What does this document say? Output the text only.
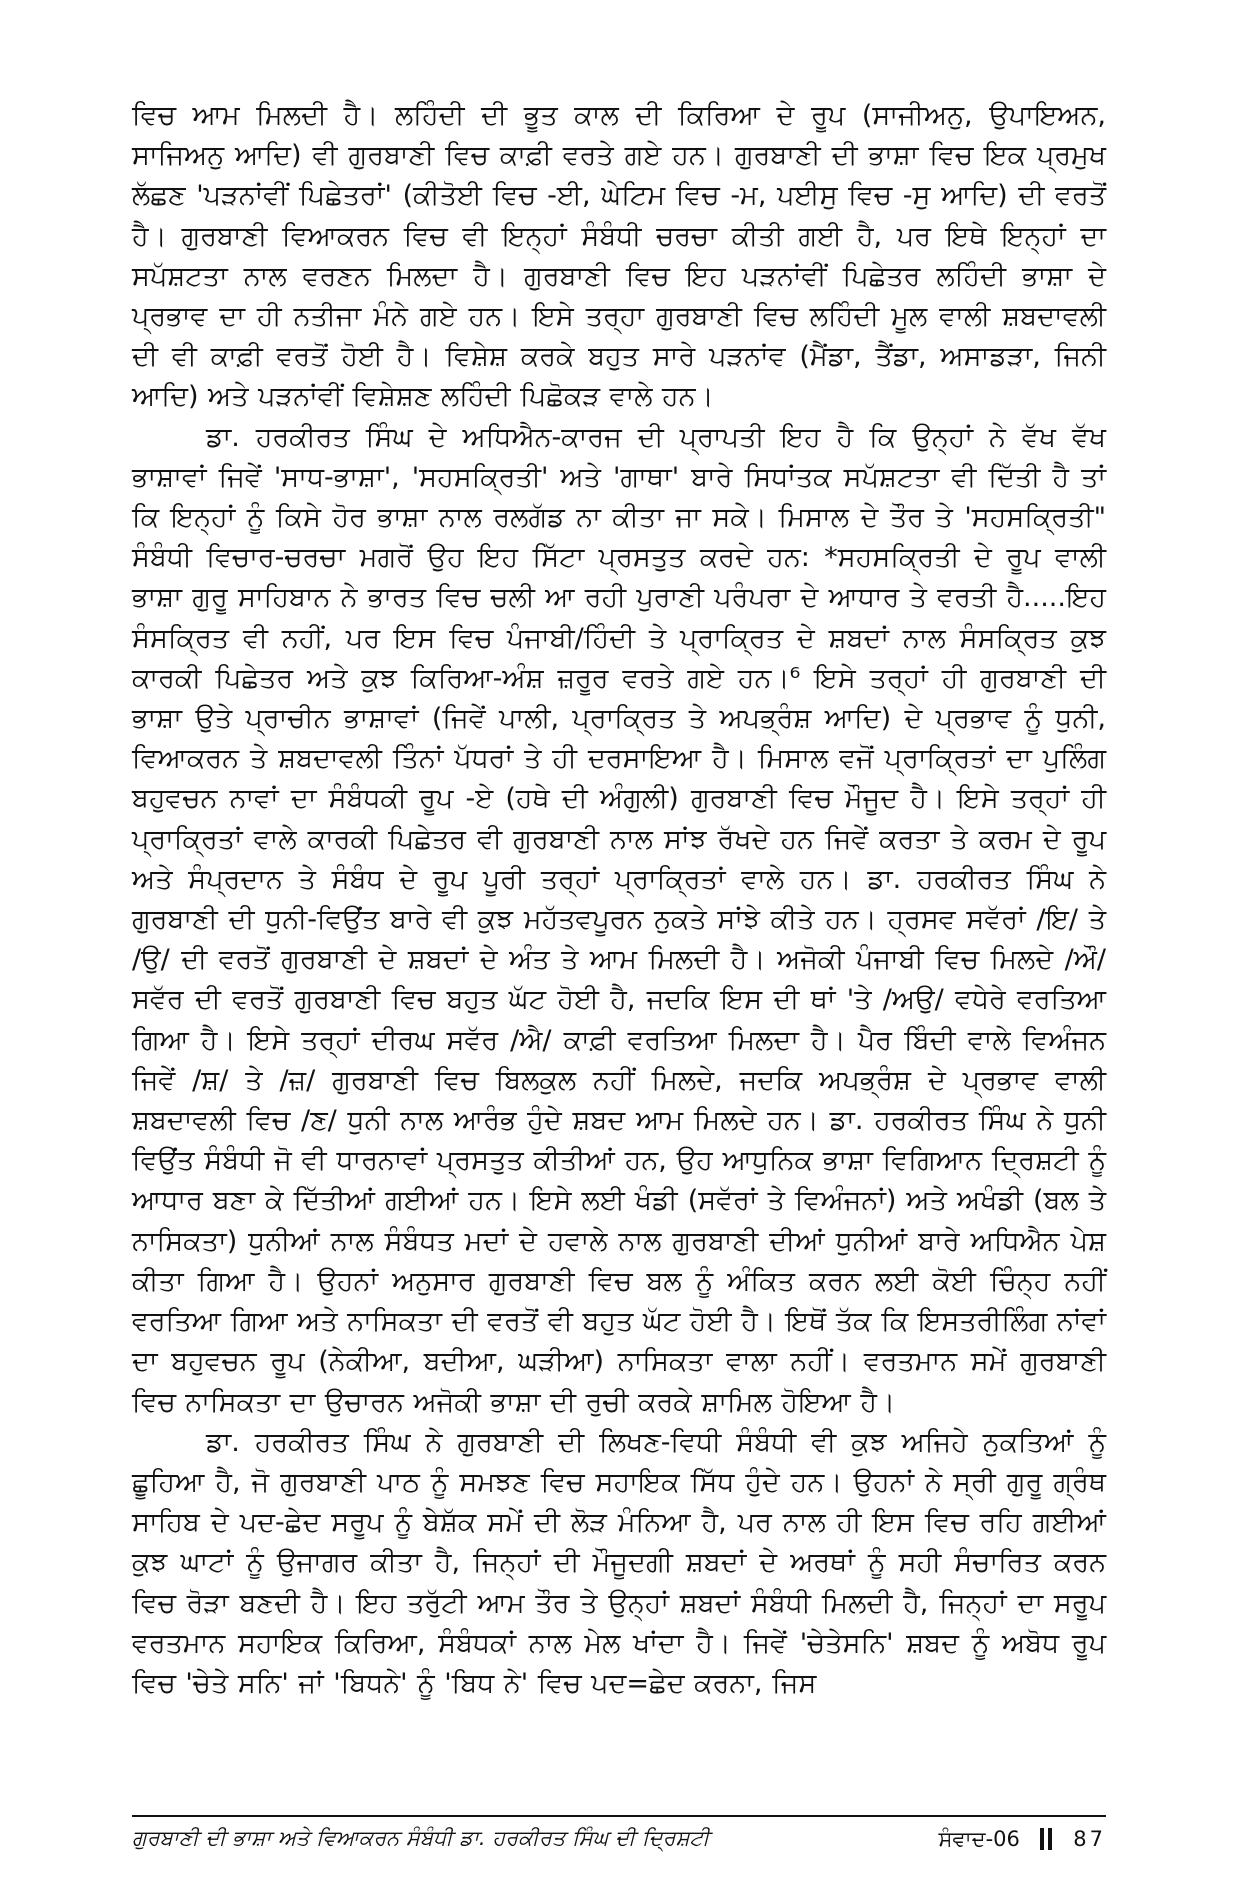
ਵਿਚ ਆਮ ਮਿਲਦੀ ਹੈ। ਲਹਿੰਦੀ ਦੀ ਭੂਤ ਕਾਲ ਦੀ ਕਿਰਿਆ ਦੇ ਰੂਪ (ਸਾਜੀਅਨੁ, ਉਪਾਇਅਨ, ਸਾਜਿਅਨੁ ਆਦਿ) ਵੀ ਗੁਰਬਾਣੀ ਵਿਚ ਕਾਫ਼ੀ ਵਰਤੇ ਗਏ ਹਨ। ਗੁਰਬਾਣੀ ਦੀ ਭਾਸ਼ਾ ਵਿਚ ਇਕ ਪ੍ਰਮੁਖ ਲੱਛਣ 'ਪੜਨਾਂਵੀਂ ਪਿਛੇਤਰਾਂ' (ਕੀਤੋਈ ਵਿਚ -ਈ, ਘੇਟਿਮ ਵਿਚ -ਮ, ਪਈਸੁ ਵਿਚ -ਸੁ ਆਦਿ) ਦੀ ਵਰਤੋਂ ਹੈ। ਗੁਰਬਾਣੀ ਵਿਆਕਰਨ ਵਿਚ ਵੀ ਇਨ੍ਹਾਂ ਸੰਬੰਧੀ ਚਰਚਾ ਕੀਤੀ ਗਈ ਹੈ, ਪਰ ਇਥੇ ਇਨ੍ਹਾਂ ਦਾ ਸਪੱਸ਼ਟਤਾ ਨਾਲ ਵਰਣਨ ਮਿਲਦਾ ਹੈ। ਗੁਰਬਾਣੀ ਵਿਚ ਇਹ ਪੜਨਾਂਵੀਂ ਪਿਛੇਤਰ ਲਹਿੰਦੀ ਭਾਸ਼ਾ ਦੇ ਪ੍ਰਭਾਵ ਦਾ ਹੀ ਨਤੀਜਾ ਮੰਨੇ ਗਏ ਹਨ। ਇਸੇ ਤਰ੍ਹਾ ਗੁਰਬਾਣੀ ਵਿਚ ਲਹਿੰਦੀ ਮੂਲ ਵਾਲੀ ਸ਼ਬਦਾਵਲੀ ਦੀ ਵੀ ਕਾਫ਼ੀ ਵਰਤੋਂ ਹੋਈ ਹੈ। ਵਿਸ਼ੇਸ਼ ਕਰਕੇ ਬਹੁਤ ਸਾਰੇ ਪੜਨਾਂਵ (ਮੈਂਡਾ, ਤੈਂਡਾ, ਅਸਾਡੜਾ, ਜਿਨੀ ਆਦਿ) ਅਤੇ ਪੜਨਾਂਵੀਂ ਵਿਸ਼ੇਸ਼ਣ ਲਹਿੰਦੀ ਪਿਛੋਕੜ ਵਾਲੇ ਹਨ।

ਡਾ. ਹਰਕੀਰਤ ਸਿੰਘ ਦੇ ਅਧਿਐਨ-ਕਾਰਜ ਦੀ ਪ੍ਰਾਪਤੀ ਇਹ ਹੈ ਕਿ ਉਨ੍ਹਾਂ ਨੇ ਵੱਖ ਵੱਖ ਭਾਸ਼ਾਵਾਂ ਜਿਵੇਂ 'ਸਾਧ-ਭਾਸ਼ਾ', 'ਸਹਸਕ੍ਰਿਤੀ' ਅਤੇ 'ਗਾਥਾ' ਬਾਰੇ ਸਿਧਾਂਤਕ ਸਪੱਸ਼ਟਤਾ ਵੀ ਦਿੱਤੀ ਹੈ ਤਾਂ ਕਿ ਇਨ੍ਹਾਂ ਨੂੰ ਕਿਸੇ ਹੋਰ ਭਾਸ਼ਾ ਨਾਲ ਰਲਗੱਡ ਨਾ ਕੀਤਾ ਜਾ ਸਕੇ। ਮਿਸਾਲ ਦੇ ਤੌਰ ਤੇ 'ਸਹਸਕ੍ਰਿਤੀ" ਸੰਬੰਧੀ ਵਿਚਾਰ-ਚਰਚਾ ਮਗਰੋਂ ਉਹ ਇਹ ਸਿੱਟਾ ਪ੍ਰਸਤੁਤ ਕਰਦੇ ਹਨ: *ਸਹਸਕ੍ਰਿਤੀ ਦੇ ਰੂਪ ਵਾਲੀ ਭਾਸ਼ਾ ਗੁਰੂ ਸਾਹਿਬਾਨ ਨੇ ਭਾਰਤ ਵਿਚ ਚਲੀ ਆ ਰਹੀ ਪੁਰਾਣੀ ਪਰੰਪਰਾ ਦੇ ਆਧਾਰ ਤੇ ਵਰਤੀ ਹੈ.....ਇਹ ਸੰਸਕ੍ਰਿਤ ਵੀ ਨਹੀਂ, ਪਰ ਇਸ ਵਿਚ ਪੰਜਾਬੀ/ਹਿੰਦੀ ਤੇ ਪ੍ਰਾਕ੍ਰਿਤ ਦੇ ਸ਼ਬਦਾਂ ਨਾਲ ਸੰਸਕ੍ਰਿਤ ਕੁਝ ਕਾਰਕੀ ਪਿਛੇਤਰ ਅਤੇ ਕੁਝ ਕਿਰਿਆ-ਅੰਸ਼ ਜ਼ਰੂਰ ਵਰਤੇ ਗਏ ਹਨ।⁶ ਇਸੇ ਤਰ੍ਹਾਂ ਹੀ ਗੁਰਬਾਣੀ ਦੀ ਭਾਸ਼ਾ ਉਤੇ ਪ੍ਰਾਚੀਨ ਭਾਸ਼ਾਵਾਂ (ਜਿਵੇਂ ਪਾਲੀ, ਪ੍ਰਾਕ੍ਰਿਤ ਤੇ ਅਪਭ੍ਰੰਸ਼ ਆਦਿ) ਦੇ ਪ੍ਰਭਾਵ ਨੂੰ ਧੁਨੀ, ਵਿਆਕਰਨ ਤੇ ਸ਼ਬਦਾਵਲੀ ਤਿੰਨਾਂ ਪੱਧਰਾਂ ਤੇ ਹੀ ਦਰਸਾਇਆ ਹੈ। ਮਿਸਾਲ ਵਜੋਂ ਪ੍ਰਾਕ੍ਰਿਤਾਂ ਦਾ ਪੁਲਿੰਗ ਬਹੁਵਚਨ ਨਾਵਾਂ ਦਾ ਸੰਬੰਧਕੀ ਰੂਪ -ਏ (ਹਥੇ ਦੀ ਅੰਗੁਲੀ) ਗੁਰਬਾਣੀ ਵਿਚ ਮੌਜੂਦ ਹੈ। ਇਸੇ ਤਰ੍ਹਾਂ ਹੀ ਪ੍ਰਾਕ੍ਰਿਤਾਂ ਵਾਲੇ ਕਾਰਕੀ ਪਿਛੇਤਰ ਵੀ ਗੁਰਬਾਣੀ ਨਾਲ ਸਾਂਝ ਰੱਖਦੇ ਹਨ ਜਿਵੇਂ ਕਰਤਾ ਤੇ ਕਰਮ ਦੇ ਰੂਪ ਅਤੇ ਸੰਪ੍ਰਦਾਨ ਤੇ ਸੰਬੰਧ ਦੇ ਰੂਪ ਪੂਰੀ ਤਰ੍ਹਾਂ ਪ੍ਰਾਕ੍ਰਿਤਾਂ ਵਾਲੇ ਹਨ। ਡਾ. ਹਰਕੀਰਤ ਸਿੰਘ ਨੇ ਗੁਰਬਾਣੀ ਦੀ ਧੁਨੀ-ਵਿਉਂਤ ਬਾਰੇ ਵੀ ਕੁਝ ਮਹੱਤਵਪੂਰਨ ਨੁਕਤੇ ਸਾਂਝੇ ਕੀਤੇ ਹਨ। ਹ੍ਰਸਵ ਸਵੱਰਾਂ /ਇ/ ਤੇ /ਉ/ ਦੀ ਵਰਤੋਂ ਗੁਰਬਾਣੀ ਦੇ ਸ਼ਬਦਾਂ ਦੇ ਅੰਤ ਤੇ ਆਮ ਮਿਲਦੀ ਹੈ। ਅਜੋਕੀ ਪੰਜਾਬੀ ਵਿਚ ਮਿਲਦੇ /ਔ/ ਸਵੱਰ ਦੀ ਵਰਤੋਂ ਗੁਰਬਾਣੀ ਵਿਚ ਬਹੁਤ ਘੱਟ ਹੋਈ ਹੈ, ਜਦਕਿ ਇਸ ਦੀ ਥਾਂ 'ਤੇ /ਅਉ/ ਵਧੇਰੇ ਵਰਤਿਆ ਗਿਆ ਹੈ। ਇਸੇ ਤਰ੍ਹਾਂ ਦੀਰਘ ਸਵੱਰ /ਐ/ ਕਾਫ਼ੀ ਵਰਤਿਆ ਮਿਲਦਾ ਹੈ। ਪੈਰ ਬਿੰਦੀ ਵਾਲੇ ਵਿਅੰਜਨ ਜਿਵੇਂ /ਸ਼/ ਤੇ /ਜ਼/ ਗੁਰਬਾਣੀ ਵਿਚ ਬਿਲਕੁਲ ਨਹੀਂ ਮਿਲਦੇ, ਜਦਕਿ ਅਪਭ੍ਰੰਸ਼ ਦੇ ਪ੍ਰਭਾਵ ਵਾਲੀ ਸ਼ਬਦਾਵਲੀ ਵਿਚ /ਣ/ ਧੁਨੀ ਨਾਲ ਆਰੰਭ ਹੁੰਦੇ ਸ਼ਬਦ ਆਮ ਮਿਲਦੇ ਹਨ। ਡਾ. ਹਰਕੀਰਤ ਸਿੰਘ ਨੇ ਧੁਨੀ ਵਿਉਂਤ ਸੰਬੰਧੀ ਜੋ ਵੀ ਧਾਰਨਾਵਾਂ ਪ੍ਰਸਤੁਤ ਕੀਤੀਆਂ ਹਨ, ਉਹ ਆਧੁਨਿਕ ਭਾਸ਼ਾ ਵਿਗਿਆਨ ਦ੍ਰਿਸ਼ਟੀ ਨੂੰ ਆਧਾਰ ਬਣਾ ਕੇ ਦਿੱਤੀਆਂ ਗਈਆਂ ਹਨ। ਇਸੇ ਲਈ ਖੰਡੀ (ਸਵੱਰਾਂ ਤੇ ਵਿਅੰਜਨਾਂ) ਅਤੇ ਅਖੰਡੀ (ਬਲ ਤੇ ਨਾਸਿਕਤਾ) ਧੁਨੀਆਂ ਨਾਲ ਸੰਬੰਧਤ ਮਦਾਂ ਦੇ ਹਵਾਲੇ ਨਾਲ ਗੁਰਬਾਣੀ ਦੀਆਂ ਧੁਨੀਆਂ ਬਾਰੇ ਅਧਿਐਨ ਪੇਸ਼ ਕੀਤਾ ਗਿਆ ਹੈ। ਉਹਨਾਂ ਅਨੁਸਾਰ ਗੁਰਬਾਣੀ ਵਿਚ ਬਲ ਨੂੰ ਅੰਕਿਤ ਕਰਨ ਲਈ ਕੋਈ ਚਿੰਨ੍ਹ ਨਹੀਂ ਵਰਤਿਆ ਗਿਆ ਅਤੇ ਨਾਸਿਕਤਾ ਦੀ ਵਰਤੋਂ ਵੀ ਬਹੁਤ ਘੱਟ ਹੋਈ ਹੈ। ਇਥੋਂ ਤੱਕ ਕਿ ਇਸਤਰੀਲਿੰਗ ਨਾਂਵਾਂ ਦਾ ਬਹੁਵਚਨ ਰੂਪ (ਨੇਕੀਆ, ਬਦੀਆ, ਘੜੀਆ) ਨਾਸਿਕਤਾ ਵਾਲਾ ਨਹੀਂ। ਵਰਤਮਾਨ ਸਮੇਂ ਗੁਰਬਾਣੀ ਵਿਚ ਨਾਸਿਕਤਾ ਦਾ ਉਚਾਰਨ ਅਜੋਕੀ ਭਾਸ਼ਾ ਦੀ ਰੁਚੀ ਕਰਕੇ ਸ਼ਾਮਿਲ ਹੋਇਆ ਹੈ।

ਡਾ. ਹਰਕੀਰਤ ਸਿੰਘ ਨੇ ਗੁਰਬਾਣੀ ਦੀ ਲਿਖਣ-ਵਿਧੀ ਸੰਬੰਧੀ ਵੀ ਕੁਝ ਅਜਿਹੇ ਨੁਕਤਿਆਂ ਨੂੰ ਛੂਹਿਆ ਹੈ, ਜੋ ਗੁਰਬਾਣੀ ਪਾਠ ਨੂੰ ਸਮਝਣ ਵਿਚ ਸਹਾਇਕ ਸਿੱਧ ਹੁੰਦੇ ਹਨ। ਉਹਨਾਂ ਨੇ ਸ੍ਰੀ ਗੁਰੂ ਗ੍ਰੰਥ ਸਾਹਿਬ ਦੇ ਪਦ-ਛੇਦ ਸਰੂਪ ਨੂੰ ਬੇਸ਼ੱਕ ਸਮੇਂ ਦੀ ਲੋੜ ਮੰਨਿਆ ਹੈ, ਪਰ ਨਾਲ ਹੀ ਇਸ ਵਿਚ ਰਹਿ ਗਈਆਂ ਕੁਝ ਘਾਟਾਂ ਨੂੰ ਉਜਾਗਰ ਕੀਤਾ ਹੈ, ਜਿਨ੍ਹਾਂ ਦੀ ਮੌਜੂਦਗੀ ਸ਼ਬਦਾਂ ਦੇ ਅਰਥਾਂ ਨੂੰ ਸਹੀ ਸੰਚਾਰਿਤ ਕਰਨ ਵਿਚ ਰੋੜਾ ਬਣਦੀ ਹੈ। ਇਹ ਤਰੁੱਟੀ ਆਮ ਤੌਰ ਤੇ ਉਨ੍ਹਾਂ ਸ਼ਬਦਾਂ ਸੰਬੰਧੀ ਮਿਲਦੀ ਹੈ, ਜਿਨ੍ਹਾਂ ਦਾ ਸਰੂਪ ਵਰਤਮਾਨ ਸਹਾਇਕ ਕਿਰਿਆ, ਸੰਬੰਧਕਾਂ ਨਾਲ ਮੇਲ ਖਾਂਦਾ ਹੈ। ਜਿਵੇਂ 'ਚੇਤੇਸਨਿ' ਸ਼ਬਦ ਨੂੰ ਅਬੋਧ ਰੂਪ ਵਿਚ 'ਚੇਤੇ ਸਨਿ' ਜਾਂ 'ਬਿਧਨੇ' ਨੂੰ 'ਬਿਧ ਨੇ' ਵਿਚ ਪਦ=ਛੇਦ ਕਰਨਾ, ਜਿਸ

ਗੁਰਬਾਣੀ ਦੀ ਭਾਸ਼ਾ ਅਤੇ ਵਿਆਕਰਨ ਸੰਬੰਧੀ ਡਾ. ਹਰਕੀਰਤ ਸਿੰਘ ਦੀ ਦ੍ਰਿਸ਼ਟੀ	ਸੰਵਾਦ-06	87
